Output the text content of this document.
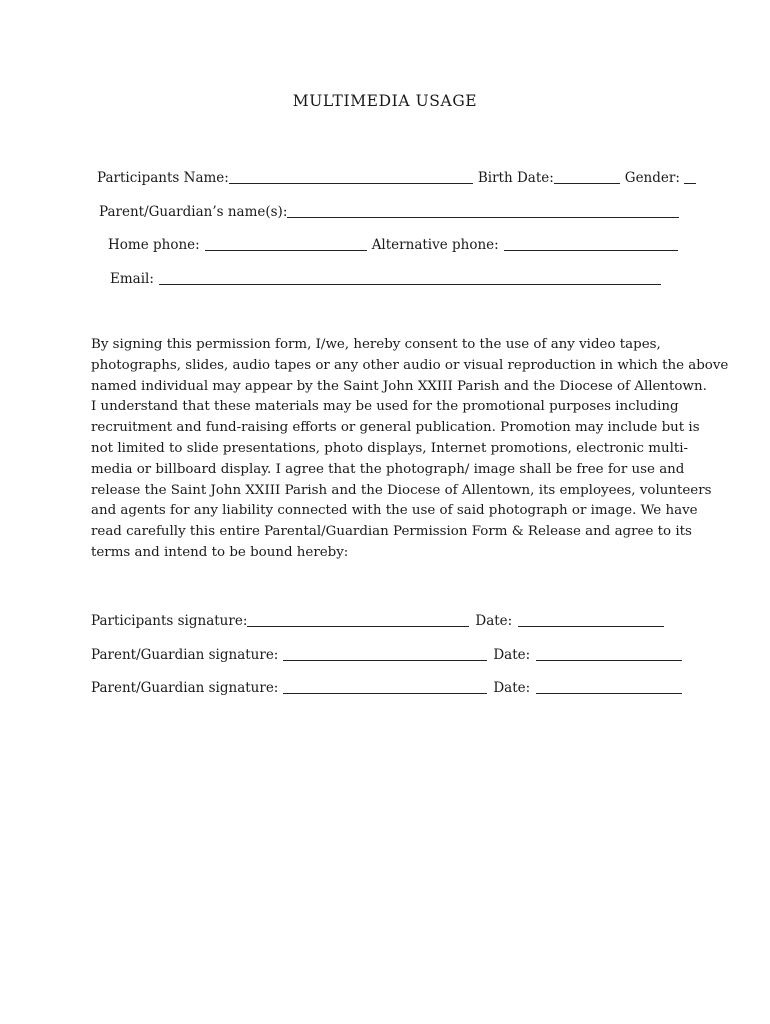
MULTIMEDIA USAGE
Participants Name:	Birth Date:	Gender:
Parent/Guardian’s name(s):
Home phone:	Alternative phone:
Email:
By signing this permission form, I/we, hereby consent to the use of any video tapes,
photographs, slides, audio tapes or any other audio or visual reproduction in which the above
named individual may appear by the Saint John XXIII Parish and the Diocese of Allentown.
I understand that these materials may be used for the promotional purposes including
recruitment and fund-raising efforts or general publication. Promotion may include but is
not limited to slide presentations, photo displays, Internet promotions, electronic multi-
media or billboard display. I agree that the photograph/ image shall be free for use and
release the Saint John XXIII Parish and the Diocese of Allentown, its employees, volunteers
and agents for any liability connected with the use of said photograph or image. We have
read carefully this entire Parental/Guardian Permission Form & Release and agree to its
terms and intend to be bound hereby:
Participants signature:	Date:
Parent/Guardian signature:	Date:
Parent/Guardian signature:	Date:
